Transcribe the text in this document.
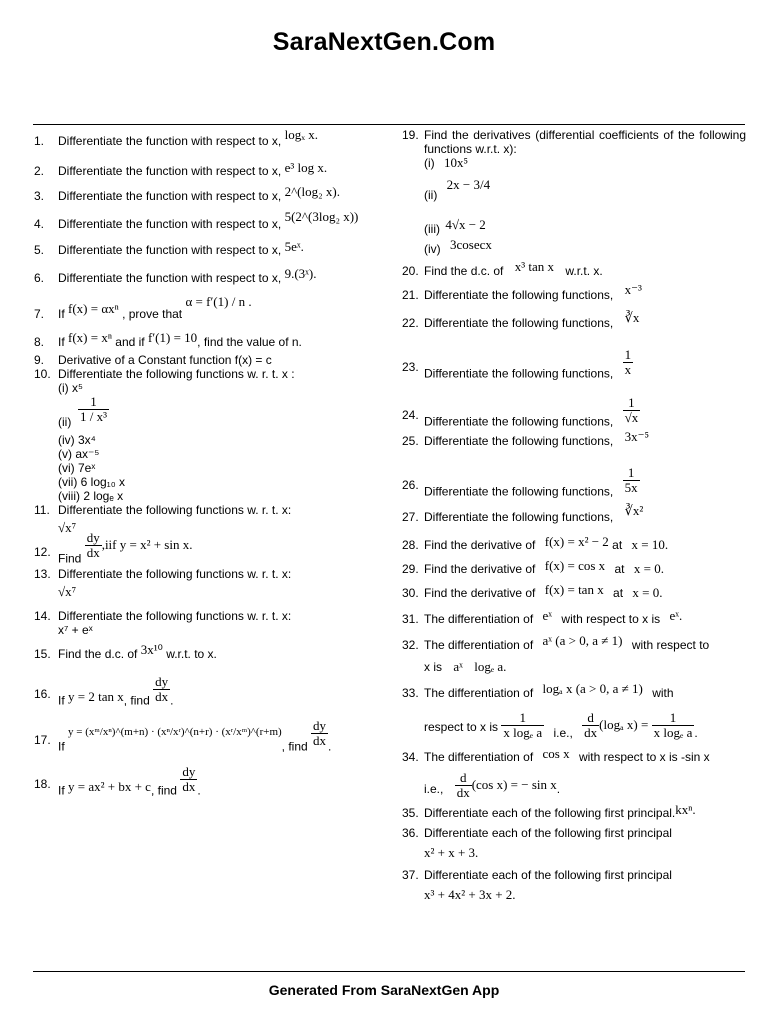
SaraNextGen.Com
1.	Differentiate the function with respect to x, logₓ x.
2.	Differentiate the function with respect to x, e³ log x.
3.	Differentiate the function with respect to x, 2^(log₂ x).
4.	Differentiate the function with respect to x, 5(2^(3log₂ x))
5.	Differentiate the function with respect to x, 5eˣ.
6.	Differentiate the function with respect to x, 9.(3ˣ).
7.	If f(x) = αxⁿ , prove that α = f′(1) / n .
8.	If f(x) = xⁿ and if f′(1) = 10, find the value of n.
9.	Derivative of a Constant function f(x) = c
10. Differentiate the following functions w. r. t. x :
(i) x⁵
(ii)
1
1 / x³
(iv) 3x⁴
(v) ax⁻⁵
(vi) 7eˣ
(vii) 6 log₁₀ x
(viii) 2 logₑ x
11. Differentiate the following functions w. r. t. x:
√x⁷
12. Find $\frac{dy}{dx} ,iif$ y = x² + sin x.
13. Differentiate the following functions w. r. t. x:
√x⁷
14. Differentiate the following functions w. r. t. x:
x⁷ + eˣ
15. Find the d.c. of 3x¹⁰ w.r.t. to x.
16. If y = 2 tan x, find $\frac{dy}{dx}$ .
17. If y = (xᵐ/xⁿ)^(m+n) · (xⁿ/xʳ)^(n+r) · (xʳ/xᵐ)^(r+m), find $\frac{dy}{dx}$ .
18. If y = ax² + bx + c, find $\frac{dy}{dx}$ .
19. Find the derivatives (differential coefficients of the following functions w.r.t. x):
(i) 10x⁵
(ii) 2x − 3/4
(iii) 4√x − 2
(iv) 3cosecx
20. Find the d.c. of x³ tan x w.r.t. x.
21. Differentiate the following functions, x⁻³
22. Differentiate the following functions, ∛x
23. Differentiate the following functions, $\frac{1}{x}$
24. Differentiate the following functions, $\frac{1}{√x}$
25. Differentiate the following functions, 3x⁻⁵
26. Differentiate the following functions, $\frac{1}{5x}$
27. Differentiate the following functions, ∛x²
28. Find the derivative of f(x) = x² − 2 at x = 10.
29. Find the derivative of f(x) = cos x at x = 0.
30. Find the derivative of f(x) = tan x at x = 0.
31. The differentiation of eˣ with respect to x is eˣ.
32. The differentiation of aˣ (a > 0, a ≠ 1) with respect to
x is aˣ logₑ a.
33. The differentiation of logₐ x (a > 0, a ≠ 1) with
respect to x is $\frac{1}{\text{x logₑ a}} i.e$., $\frac{d}{dx} (\log_a$ $x) = \frac{1}{\text{x logₑ a}}$ .
34. The differentiation of cos x with respect to x is -sin x
i.e., $\frac{d}{dx} (\cos$ x) = − sin x.
35. Differentiate each of the following first principal.kxⁿ.
36. Differentiate each of the following first principal
x² + x + 3.
37. Differentiate each of the following first principal
x³ + 4x² + 3x + 2.
Generated From SaraNextGen App
